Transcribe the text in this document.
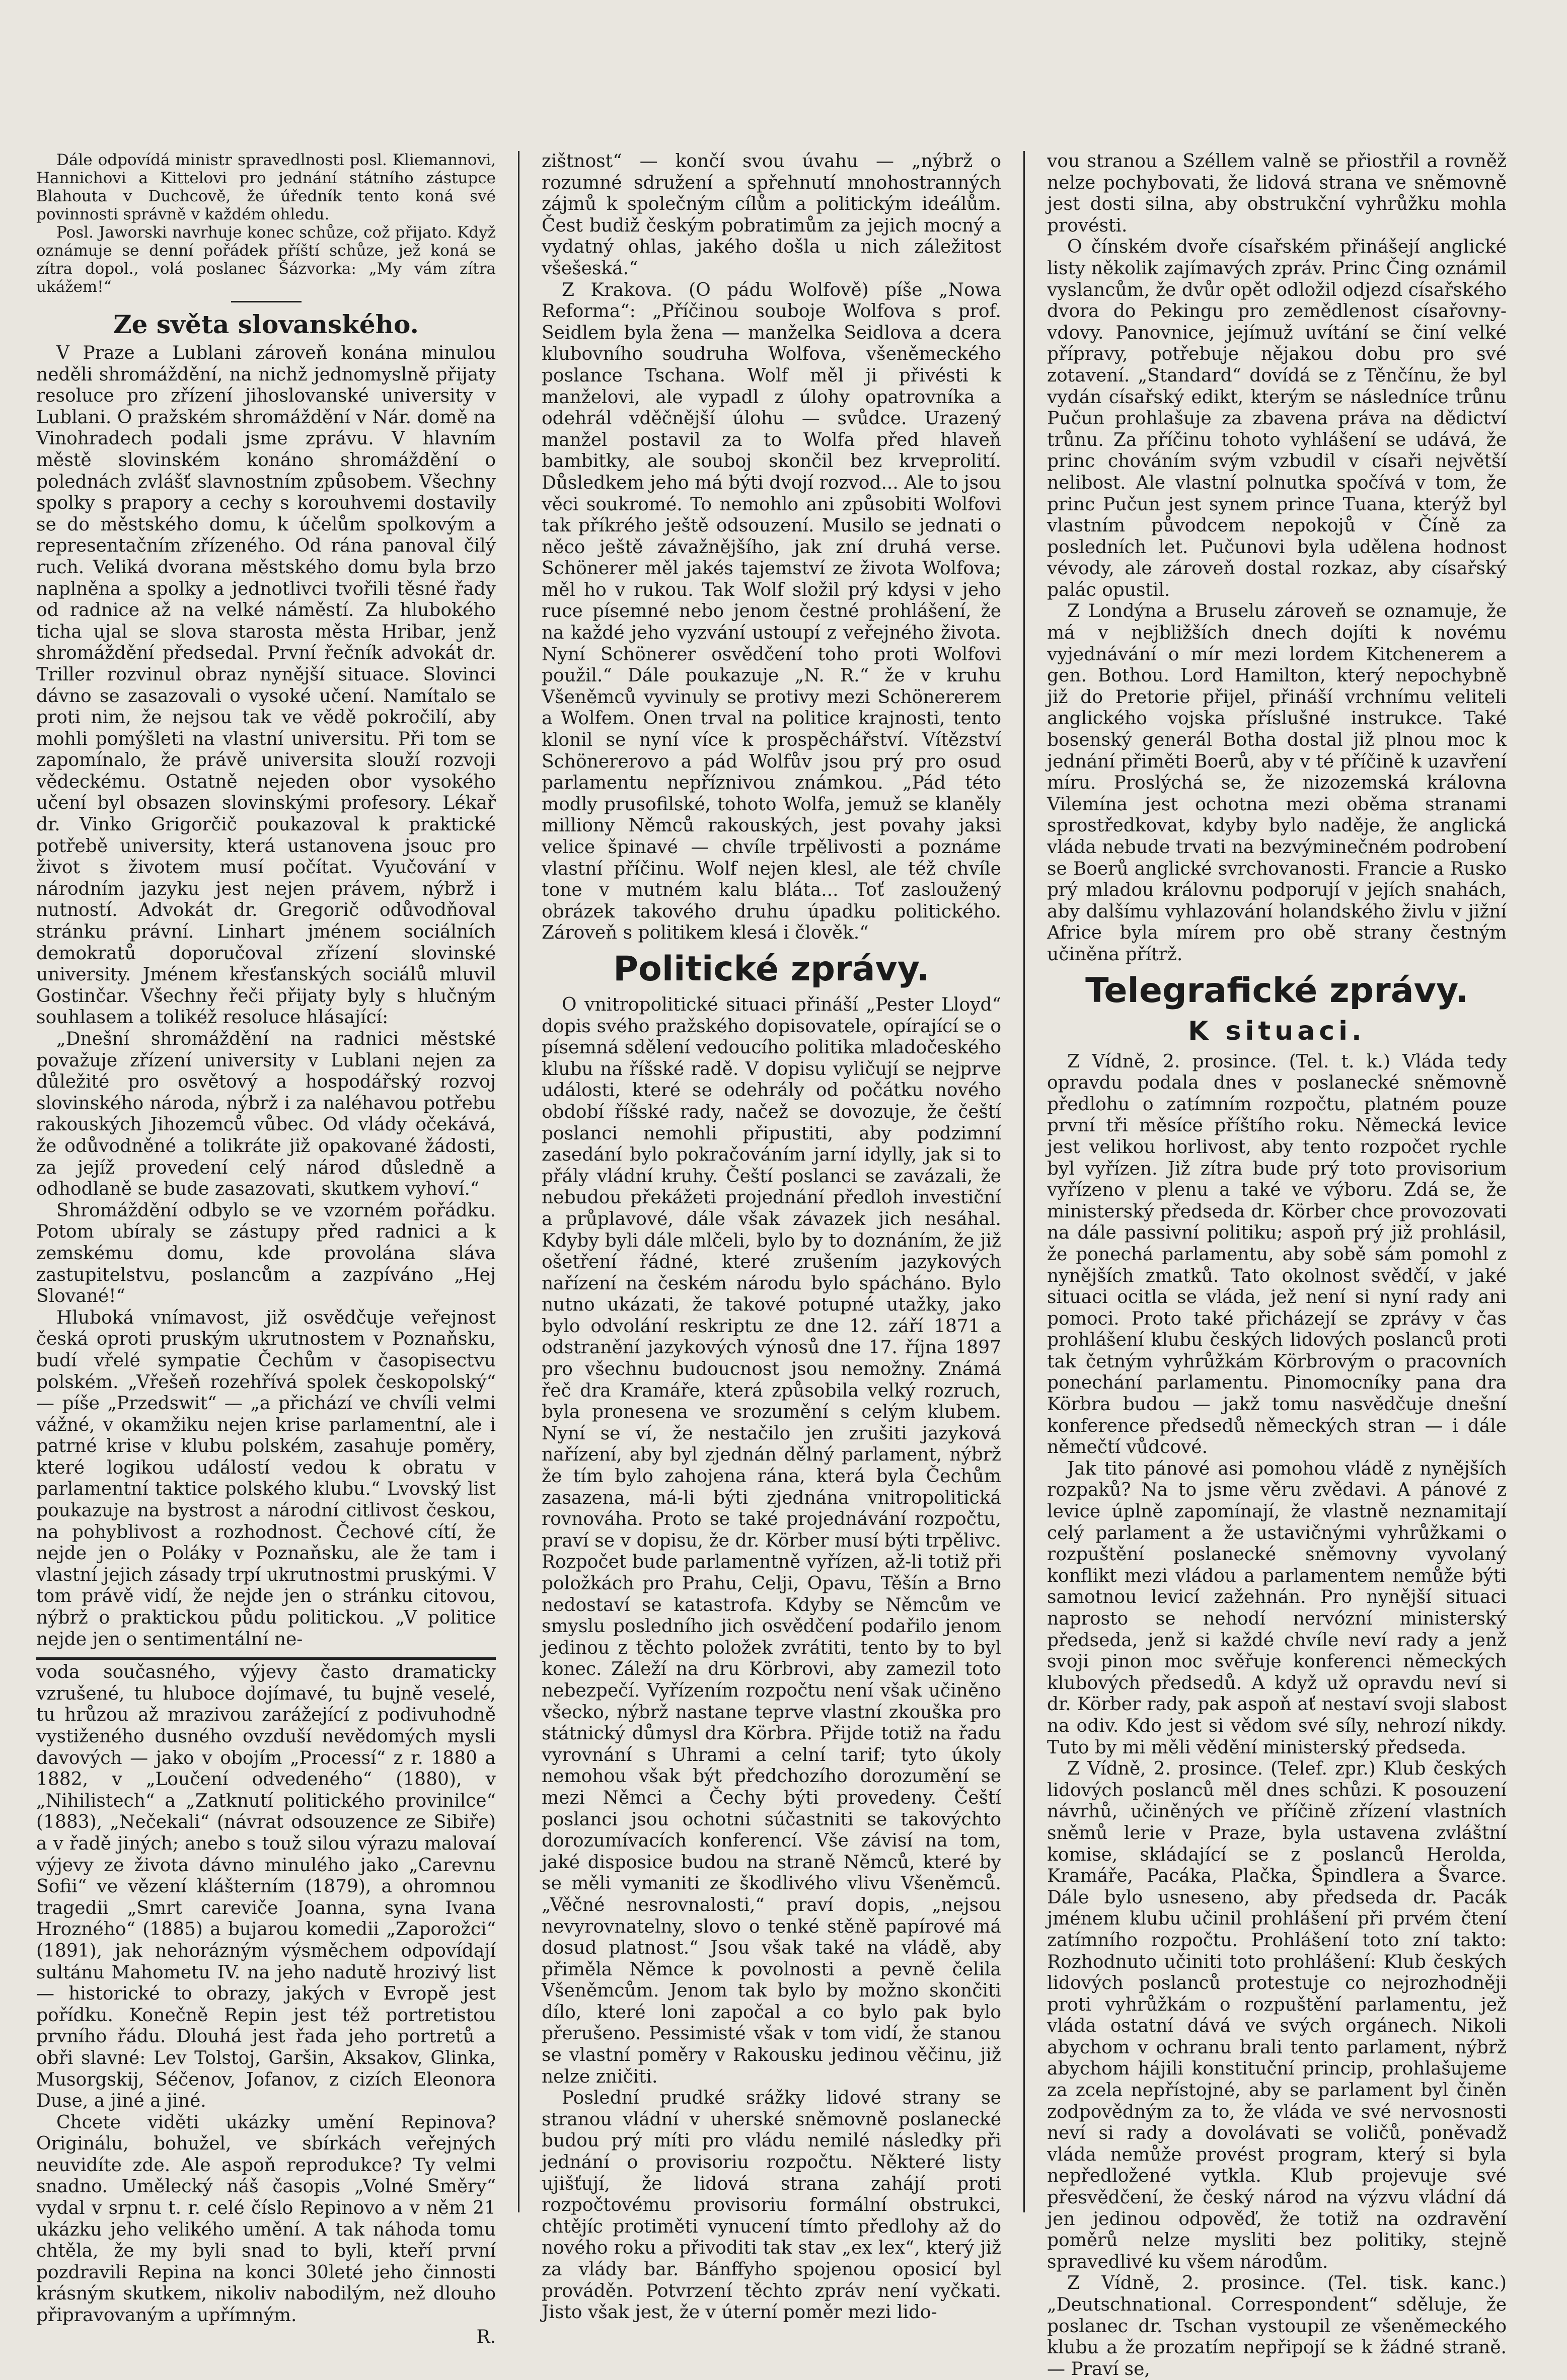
Dále odpovídá ministr spravedlnosti posl. Kliemannovi, Hannichovi a Kittelovi pro jednání státního zástupce Blahouta v Duchcově, že úředník tento koná své povinnosti správně v každém ohledu.

Posl. Jaworski navrhuje konec schůze, což přijato. Když oznámuje se denní pořádek příští schůze, jež koná se zítra dopol., volá poslanec Šázvorka: „My vám zítra ukážem!“

Ze světa slovanského.

V Praze a Lublani zároveň konána minulou neděli shromáždění, na nichž jednomyslně přijaty resoluce pro zřízení jihoslovanské university v Lublani. O pražském shromáždění v Nár. domě na Vinohradech podali jsme zprávu. V hlavním městě slovinském konáno shromáždění o polednách zvlášť slavnostním způsobem. Všechny spolky s prapory a cechy s korouhvemi dostavily se do městského domu, k účelům spolkovým a representačním zřízeného. Od rána panoval čilý ruch. Veliká dvorana městského domu byla brzo naplněna a spolky a jednotlivci tvořili těsné řady od radnice až na velké náměstí. Za hlubokého ticha ujal se slova starosta města Hribar, jenž shromáždění předsedal. První řečník advokát dr. Triller rozvinul obraz nynější situace. Slovinci dávno se zasazovali o vysoké učení. Namítalo se proti nim, že nejsou tak ve vědě pokročilí, aby mohli pomýšleti na vlastní universitu. Při tom se zapomínalo, že právě universita slouží rozvoji vědeckému. Ostatně nejeden obor vysokého učení byl obsazen slovinskými profesory. Lékař dr. Vinko Grigorčič poukazoval k praktické potřebě university, která ustanovena jsouc pro život s životem musí počítat. Vyučování v národním jazyku jest nejen právem, nýbrž i nutností. Advokát dr. Gregorič odůvodňoval stránku právní. Linhart jménem sociálních demokratů doporučoval zřízení slovinské university. Jménem křesťanských sociálů mluvil Gostinčar. Všechny řeči přijaty byly s hlučným souhlasem a tolikéž resoluce hlásající:

„Dnešní shromáždění na radnici městské považuje zřízení university v Lublani nejen za důležité pro osvětový a hospodářský rozvoj slovinského národa, nýbrž i za naléhavou potřebu rakouských Jihozemců vůbec. Od vlády očekává, že odůvodněné a tolikráte již opakované žádosti, za jejíž provedení celý národ důsledně a odhodlaně se bude zasazovati, skutkem vyhoví.“

Shromáždění odbylo se ve vzorném pořádku. Potom ubíraly se zástupy před radnici a k zemskému domu, kde provolána sláva zastupitelstvu, poslancům a zazpíváno „Hej Slované!“

Hluboká vnímavost, již osvědčuje veřejnost česká oproti pruským ukrutnostem v Poznaňsku, budí vřelé sympatie Čechům v časopisectvu polském. „Vřešeň rozehřívá spolek českopolský“ — píše „Przedswit“ — „a přichází ve chvíli velmi vážné, v okamžiku nejen krise parlamentní, ale i patrné krise v klubu polském, zasahuje poměry, které logikou událostí vedou k obratu v parlamentní taktice polského klubu.“ Lvovský list poukazuje na bystrost a národní citlivost českou, na pohyblivost a rozhodnost. Čechové cítí, že nejde jen o Poláky v Poznaňsku, ale že tam i vlastní jejich zásady trpí ukrutnostmi pruskými. V tom právě vidí, že nejde jen o stránku citovou, nýbrž o praktickou půdu politickou. „V politice nejde jen o sentimentální ne-

voda současného, výjevy často dramaticky vzrušené, tu hluboce dojímavé, tu bujně veselé, tu hrůzou až mrazivou zarážející z podivuhodně vystiženého dusného ovzduší nevědomých mysli davových — jako v obojím „Processí“ z r. 1880 a 1882, v „Loučení odvedeného“ (1880), v „Nihilistech“ a „Zatknutí politického provinilce“ (1883), „Nečekali“ (návrat odsouzence ze Sibiře) a v řadě jiných; anebo s touž silou výrazu malovaí výjevy ze života dávno minulého jako „Carevnu Sofii“ ve vězení klášterním (1879), a ohromnou tragedii „Smrt careviče Joanna, syna Ivana Hrozného“ (1885) a bujarou komedii „Zaporožci“ (1891), jak nehorázným výsměchem odpovídají sultánu Mahometu IV. na jeho nadutě hrozivý list — historické to obrazy, jakých v Evropě jest pořídku. Konečně Repin jest též portretistou prvního řádu. Dlouhá jest řada jeho portretů a obři slavné: Lev Tolstoj, Garšin, Aksakov, Glinka, Musorgskij, Séčenov, Jofanov, z cizích Eleonora Duse, a jiné a jiné.

Chcete viděti ukázky umění Repinova? Originálu, bohužel, ve sbírkách veřejných neuvidíte zde. Ale aspoň reprodukce? Ty velmi snadno. Umělecký náš časopis „Volné Směry“ vydal v srpnu t. r. celé číslo Repinovo a v něm 21 ukázku jeho velikého umění. A tak náhoda tomu chtěla, že my byli snad to byli, kteří první pozdravili Repina na konci 30leté jeho činnosti krásným skutkem, nikoliv nabodilým, než dlouho připravovaným a upřímným.

R.

zištnost“ — končí svou úvahu — „nýbrž o rozumné sdružení a spřehnutí mnohostranných zájmů k společným cílům a politickým ideálům. Čest budiž českým pobratimům za jejich mocný a vydatný ohlas, jakého došla u nich záležitost všešeská.“

Z Krakova. (O pádu Wolfově) píše „Nowa Reforma“: „Příčinou souboje Wolfova s prof. Seidlem byla žena — manželka Seidlova a dcera klubovního soudruha Wolfova, všeněmeckého poslance Tschana. Wolf měl ji přivésti k manželovi, ale vypadl z úlohy opatrovníka a odehrál vděčnější úlohu — svůdce. Urazený manžel postavil za to Wolfa před hlaveň bambitky, ale souboj skončil bez krveprolití. Důsledkem jeho má býti dvojí rozvod... Ale to jsou věci soukromé. To nemohlo ani způsobiti Wolfovi tak příkrého ještě odsouzení. Musilo se jednati o něco ještě závažnějšího, jak zní druhá verse. Schönerer měl jakés tajemství ze života Wolfova; měl ho v rukou. Tak Wolf složil prý kdysi v jeho ruce písemné nebo jenom čestné prohlášení, že na každé jeho vyzvání ustoupí z veřejného života. Nyní Schönerer osvědčení toho proti Wolfovi použil.“ Dále poukazuje „N. R.“ že v kruhu Všeněmců vyvinuly se protivy mezi Schönererem a Wolfem. Onen trval na politice krajnosti, tento klonil se nyní více k prospěchářství. Vítězství Schönererovo a pád Wolfův jsou prý pro osud parlamentu nepříznivou známkou. „Pád této modly prusofilské, tohoto Wolfa, jemuž se klaněly milliony Němců rakouských, jest povahy jaksi velice špinavé — chvíle trpělivosti a poznáme vlastní příčinu. Wolf nejen klesl, ale též chvíle tone v mutném kalu bláta... Toť zasloužený obrázek takového druhu úpadku politického. Zároveň s politikem klesá i člověk.“

Politické zprávy.

O vnitropolitické situaci přináší „Pester Lloyd“ dopis svého pražského dopisovatele, opírající se o písemná sdělení vedoucího politika mladočeského klubu na říšské radě. V dopisu vyličují se nejprve události, které se odehrály od počátku nového období říšské rady, načež se dovozuje, že čeští poslanci nemohli připustiti, aby podzimní zasedání bylo pokračováním jarní idylly, jak si to přály vládní kruhy. Čeští poslanci se zavázali, že nebudou překážeti projednání předloh investiční a průplavové, dále však závazek jich nesáhal. Kdyby byli dále mlčeli, bylo by to doznáním, že již ošetření řádné, které zrušením jazykových nařízení na českém národu bylo spácháno. Bylo nutno ukázati, že takové potupné utažky, jako bylo odvolání reskriptu ze dne 12. září 1871 a odstranění jazykových výnosů dne 17. října 1897 pro všechnu budoucnost jsou nemožny. Známá řeč dra Kramáře, která způsobila velký rozruch, byla pronesena ve srozumění s celým klubem. Nyní se ví, že nestačilo jen zrušiti jazyková nařízení, aby byl zjednán dělný parlament, nýbrž že tím bylo zahojena rána, která byla Čechům zasazena, má-li býti zjednána vnitropolitická rovnováha. Proto se také projednávání rozpočtu, praví se v dopisu, že dr. Körber musí býti trpělivc. Rozpočet bude parlamentně vyřízen, až-li totiž při položkách pro Prahu, Celji, Opavu, Těšín a Brno nedostaví se katastrofa. Kdyby se Němcům ve smyslu posledního jich osvědčení podařilo jenom jedinou z těchto položek zvrátiti, tento by to byl konec. Záleží na dru Körbrovi, aby zamezil toto nebezpečí. Vyřízením rozpočtu není však učiněno všecko, nýbrž nastane teprve vlastní zkouška pro státnický důmysl dra Körbra. Přijde totiž na řadu vyrovnání s Uhrami a celní tarif; tyto úkoly nemohou však být předchozího dorozumění se mezi Němci a Čechy býti provedeny. Čeští poslanci jsou ochotni súčastniti se takovýchto dorozumívacích konferencí. Vše závisí na tom, jaké disposice budou na straně Němců, které by se měli vymaniti ze škodlivého vlivu Všeněmců. „Věčné nesrovnalosti,“ praví dopis, „nejsou nevyrovnatelny, slovo o tenké stěně papírové má dosud platnost.“ Jsou však také na vládě, aby přiměla Němce k povolnosti a pevně čelila Všeněmcům. Jenom tak bylo by možno skončiti dílo, které loni započal a co bylo pak bylo přerušeno. Pessimisté však v tom vidí, že stanou se vlastní poměry v Rakousku jedinou věčinu, již nelze zničiti.

Poslední prudké srážky lidové strany se stranou vládní v uherské sněmovně poslanecké budou prý míti pro vládu nemilé následky při jednání o provisoriu rozpočtu. Některé listy ujišťují, že lidová strana zahájí proti rozpočtovému provisoriu formální obstrukci, chtějíc protiměti vynucení tímto předlohy až do nového roku a přivoditi tak stav „ex lex“, který již za vlády bar. Bánffyho spojenou oposicí byl prováděn. Potvrzení těchto zpráv není vyčkati. Jisto však jest, že v úterní poměr mezi lido-

vou stranou a Széllem valně se přiostřil a rovněž nelze pochybovati, že lidová strana ve sněmovně jest dosti silna, aby obstrukční vyhrůžku mohla provésti.

O čínském dvoře císařském přinášejí anglické listy několik zajímavých zpráv. Princ Čing oznámil vyslancům, že dvůr opět odložil odjezd císařského dvora do Pekingu pro zemědlenost císařovny-vdovy. Panovnice, jejímuž uvítání se činí velké přípravy, potřebuje nějakou dobu pro své zotavení. „Standard“ dovídá se z Těnčínu, že byl vydán císařský edikt, kterým se následníce trůnu Pučun prohlašuje za zbavena práva na dědictví trůnu. Za příčinu tohoto vyhlášení se udává, že princ chováním svým vzbudil v císaři největší nelibost. Ale vlastní polnutka spočívá v tom, že princ Pučun jest synem prince Tuana, kterýž byl vlastním původcem nepokojů v Číně za posledních let. Pučunovi byla udělena hodnost vévody, ale zároveň dostal rozkaz, aby císařský palác opustil.

Z Londýna a Bruselu zároveň se oznamuje, že má v nejbližších dnech dojíti k novému vyjednávání o mír mezi lordem Kitchenerem a gen. Bothou. Lord Hamilton, který nepochybně již do Pretorie přijel, přináší vrchnímu veliteli anglického vojska příslušné instrukce. Také bosenský generál Botha dostal již plnou moc k jednání přiměti Boerů, aby v té příčině k uzavření míru. Proslýchá se, že nizozemská královna Vilemína jest ochotna mezi oběma stranami sprostředkovat, kdyby bylo naděje, že anglická vláda nebude trvati na bezvýminečném podrobení se Boerů anglické svrchovanosti. Francie a Rusko prý mladou královnu podporují v jejích snahách, aby dalšímu vyhlazování holandského živlu v jižní Africe byla mírem pro obě strany čestným učiněna přítrž.

Telegrafické zprávy.
K situaci.

Z Vídně, 2. prosince. (Tel. t. k.) Vláda tedy opravdu podala dnes v poslanecké sněmovně předlohu o zatímním rozpočtu, platném pouze první tři měsíce příštího roku. Německá levice jest velikou horlivost, aby tento rozpočet rychle byl vyřízen. Již zítra bude prý toto provisorium vyřízeno v plenu a také ve výboru. Zdá se, že ministerský předseda dr. Körber chce provozovati na dále passivní politiku; aspoň prý již prohlásil, že ponechá parlamentu, aby sobě sám pomohl z nynějších zmatků. Tato okolnost svědčí, v jaké situaci ocitla se vláda, jež není si nyní rady ani pomoci. Proto také přicházejí se zprávy v čas prohlášení klubu českých lidových poslanců proti tak četným vyhrůžkám Körbrovým o pracovních ponechání parlamentu. Pinomocníky pana dra Körbra budou — jakž tomu nasvědčuje dnešní konference předsedů německých stran — i dále němečtí vůdcové.

Jak tito pánové asi pomohou vládě z nynějších rozpaků? Na to jsme věru zvědavi. A pánové z levice úplně zapomínají, že vlastně neznamitají celý parlament a že ustavičnými vyhrůžkami o rozpuštění poslanecké sněmovny vyvolaný konflikt mezi vládou a parlamentem nemůže býti samotnou levicí zažehnán. Pro nynější situaci naprosto se nehodí nervózní ministerský předseda, jenž si každé chvíle neví rady a jenž svoji pinon moc svěřuje konferenci německých klubových předsedů. A když už opravdu neví si dr. Körber rady, pak aspoň ať nestaví svoji slabost na odiv. Kdo jest si vědom své síly, nehrozí nikdy. Tuto by mi měli vědění ministerský předseda.

Z Vídně, 2. prosince. (Telef. zpr.) Klub českých lidových poslanců měl dnes schůzi. K posouzení návrhů, učiněných ve příčině zřízení vlastních sněmů lerie v Praze, byla ustavena zvláštní komise, skládající se z poslanců Herolda, Kramáře, Pacáka, Plačka, Špindlera a Švarce. Dále bylo usneseno, aby předseda dr. Pacák jménem klubu učinil prohlášení při prvém čtení zatímního rozpočtu. Prohlášení toto zní takto: Rozhodnuto učiniti toto prohlášení: Klub českých lidových poslanců protestuje co nejrozhodněji proti vyhrůžkám o rozpuštění parlamentu, jež vláda ostatní dává ve svých orgánech. Nikoli abychom v ochranu brali tento parlament, nýbrž abychom hájili konstituční princip, prohlašujeme za zcela nepřístojné, aby se parlament byl činěn zodpovědným za to, že vláda ve své nervosnosti neví si rady a dovolávati se voličů, poněvadž vláda nemůže provést program, který si byla nepředložené vytkla. Klub projevuje své přesvědčení, že český národ na výzvu vládní dá jen jedinou odpověď, že totiž na ozdravění poměrů nelze mysliti bez politiky, stejně spravedlivé ku všem národům.

Z Vídně, 2. prosince. (Tel. tisk. kanc.) „Deutschnational. Correspondent“ sděluje, že poslanec dr. Tschan vystoupil ze všeněmeckého klubu a že prozatím nepřipojí se k žádné straně. — Praví se,
